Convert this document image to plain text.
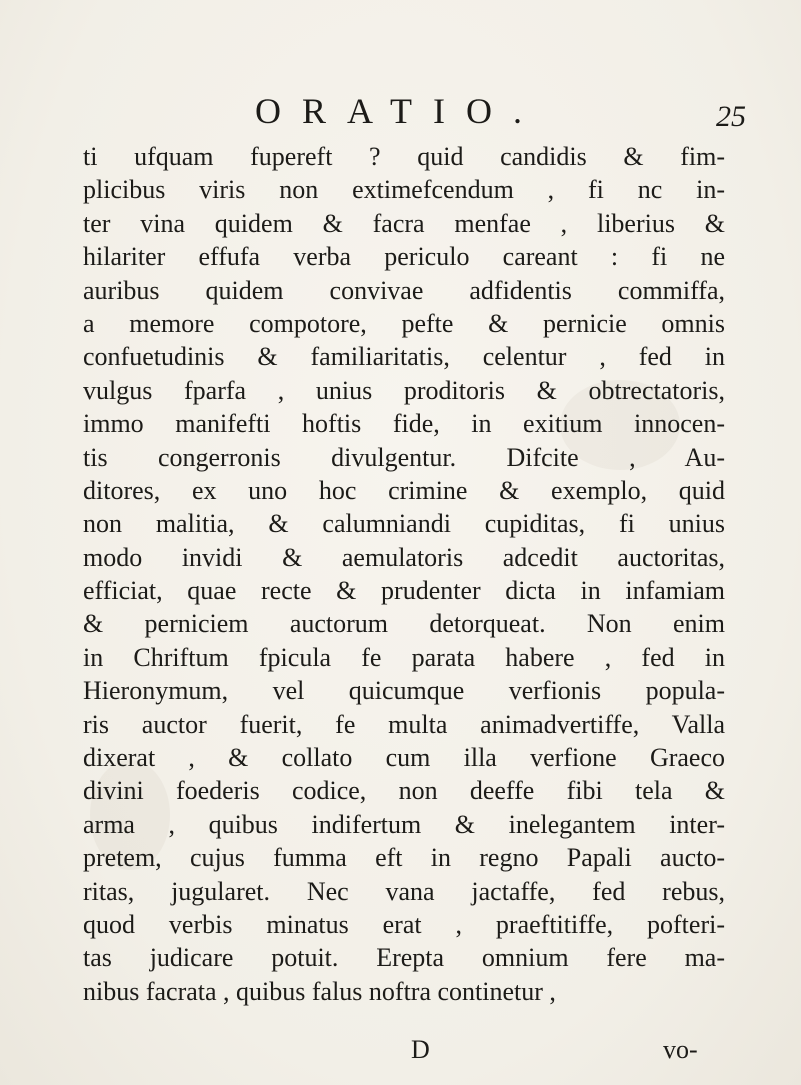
ORATIO.	25
ti ufquam fupereft ? quid candidis & fim-
plicibus viris non extimefcendum , fi nc in-
ter vina quidem & facra menfae , liberius &
hilariter effufa verba periculo careant : fi ne
auribus quidem convivae adfidentis commiffa,
a memore compotore, pefte & pernicie omnis
confuetudinis & familiaritatis, celentur , fed in
vulgus fparfa , unius proditoris & obtrectatoris,
immo manifefti hoftis fide, in exitium innocen-
tis congerronis divulgentur. Difcite , Au-
ditores, ex uno hoc crimine & exemplo, quid
non malitia, & calumniandi cupiditas, fi unius
modo invidi & aemulatoris adcedit auctoritas,
efficiat, quae recte & prudenter dicta in infamiam
& perniciem auctorum detorqueat. Non enim
in Chriftum fpicula fe parata habere , fed in
Hieronymum, vel quicumque verfionis popula-
ris auctor fuerit, fe multa animadvertiffe, Valla
dixerat , & collato cum illa verfione Graeco
divini foederis codice, non deeffe fibi tela &
arma , quibus indifertum & inelegantem inter-
pretem, cujus fumma eft in regno Papali aucto-
ritas, jugularet. Nec vana jactaffe, fed rebus,
quod verbis minatus erat , praeftitiffe, pofteri-
tas judicare potuit. Erepta omnium fere ma-
nibus facrata , quibus falus noftra continetur ,
D	vo-
